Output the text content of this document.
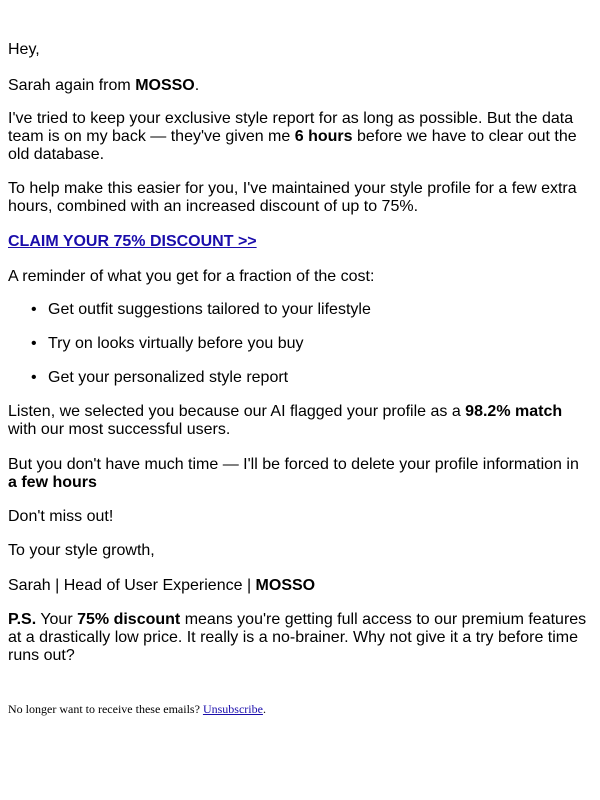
Hey,

Sarah again from MOSSO.

I've tried to keep your exclusive style report for as long as possible. But the data team is on my back — they've given me 6 hours before we have to clear out the old database.

To help make this easier for you, I've maintained your style profile for a few extra hours, combined with an increased discount of up to 75%.

CLAIM YOUR 75% DISCOUNT >>

A reminder of what you get for a fraction of the cost:

• Get outfit suggestions tailored to your lifestyle
• Try on looks virtually before you buy
• Get your personalized style report

Listen, we selected you because our AI flagged your profile as a 98.2% match with our most successful users.

But you don't have much time — I'll be forced to delete your profile information in a few hours

Don't miss out!

To your style growth,

Sarah | Head of User Experience | MOSSO

P.S. Your 75% discount means you're getting full access to our premium features at a drastically low price. It really is a no-brainer. Why not give it a try before time runs out?

No longer want to receive these emails? Unsubscribe.
